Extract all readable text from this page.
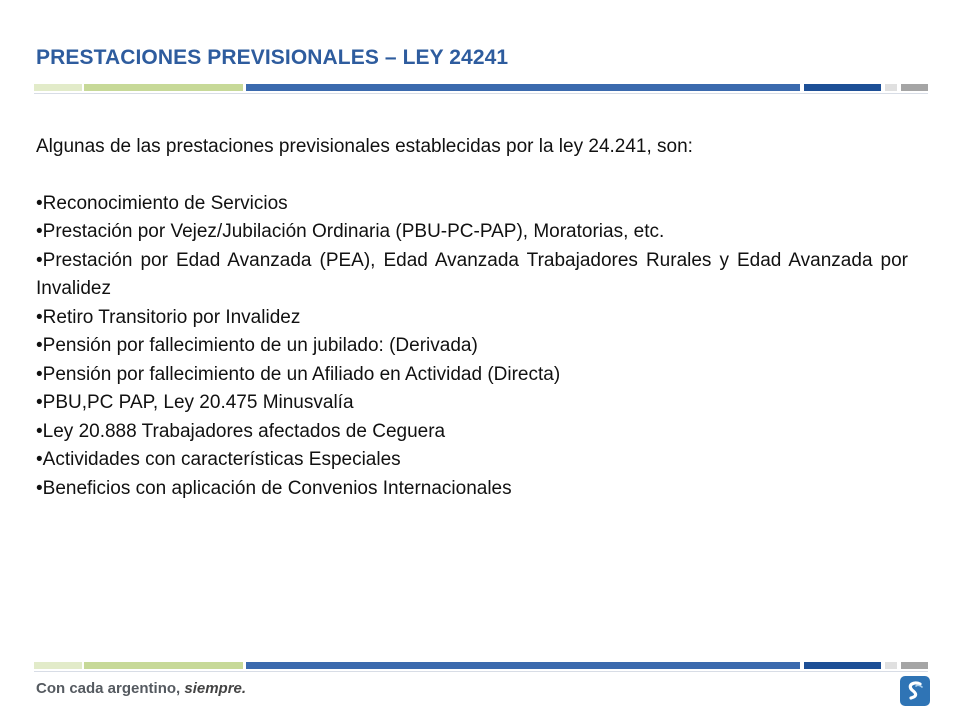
PRESTACIONES PREVISIONALES – LEY 24241
Algunas de las prestaciones previsionales establecidas por la ley 24.241, son:
•Reconocimiento de Servicios
•Prestación por Vejez/Jubilación Ordinaria (PBU-PC-PAP), Moratorias, etc.
•Prestación por Edad Avanzada (PEA), Edad Avanzada Trabajadores Rurales y Edad Avanzada por Invalidez
•Retiro Transitorio por Invalidez
•Pensión por fallecimiento de un jubilado: (Derivada)
•Pensión por fallecimiento de un Afiliado en Actividad (Directa)
•PBU,PC PAP, Ley 20.475 Minusvalía
•Ley 20.888 Trabajadores afectados de Ceguera
•Actividades con características Especiales
•Beneficios con aplicación de Convenios Internacionales
Con cada argentino, siempre.
